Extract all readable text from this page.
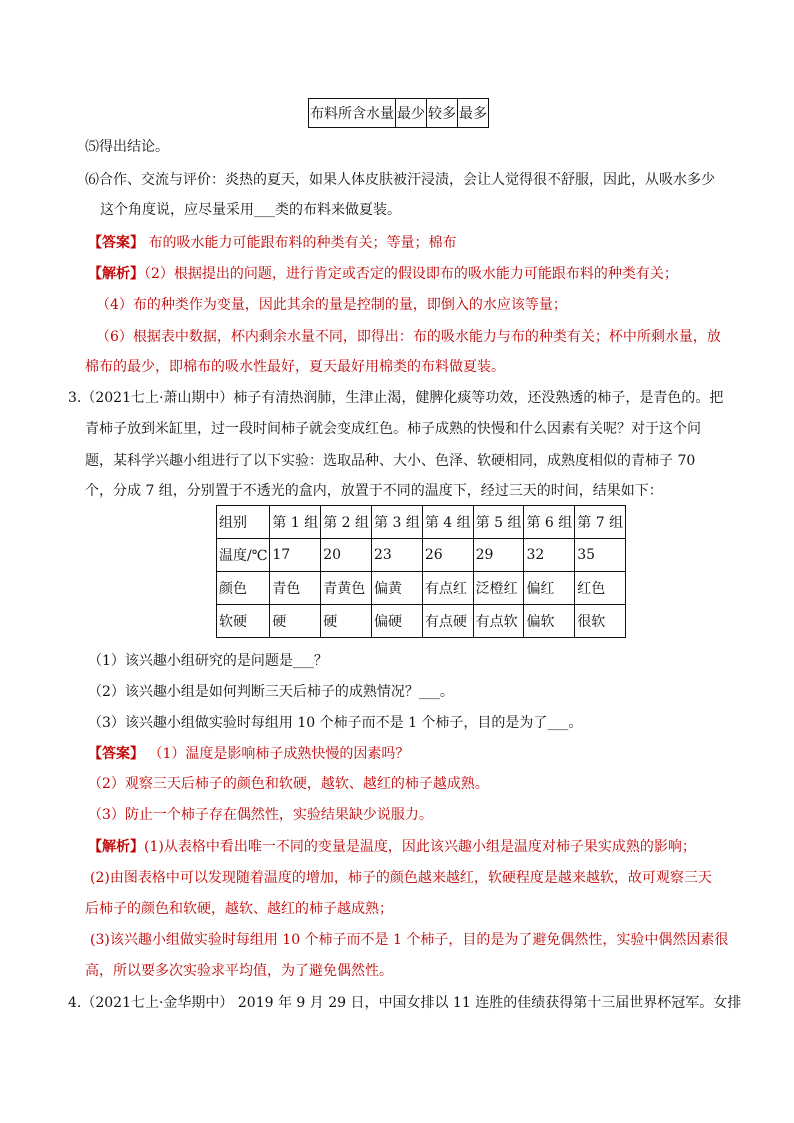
布料所含水量	最少	较多	最多
⑸得出结论。
⑹合作、交流与评价：炎热的夏天，如果人体皮肤被汗浸渍，会让人觉得很不舒服，因此，从吸水多少
这个角度说，应尽量采用___类的布料来做夏装。
【答案】 布的吸水能力可能跟布料的种类有关；等量；棉布
【解析】（2）根据提出的问题，进行肯定或否定的假设即布的吸水能力可能跟布料的种类有关；
（4）布的种类作为变量，因此其余的量是控制的量，即倒入的水应该等量；
（6）根据表中数据，杯内剩余水量不同，即得出：布的吸水能力与布的种类有关；杯中所剩水量，放
棉布的最少，即棉布的吸水性最好，夏天最好用棉类的布料做夏装。
3.（2021七上·萧山期中）柿子有清热润肺，生津止渴，健脾化痰等功效，还没熟透的柿子，是青色的。把
青柿子放到米缸里，过一段时间柿子就会变成红色。柿子成熟的快慢和什么因素有关呢？对于这个问
题，某科学兴趣小组进行了以下实验：选取品种、大小、色泽、软硬相同，成熟度相似的青柿子 70
个，分成 7 组，分别置于不透光的盒内，放置于不同的温度下，经过三天的时间，结果如下：
组别	第 1 组	第 2 组	第 3 组	第 4 组	第 5 组	第 6 组	第 7 组
温度/℃	17	20	23	26	29	32	35
颜色	青色	青黄色	偏黄	有点红	泛橙红	偏红	红色
软硬	硬	硬	偏硬	有点硬	有点软	偏软	很软
（1）该兴趣小组研究的是问题是___？
（2）该兴趣小组是如何判断三天后柿子的成熟情况？___。
（3）该兴趣小组做实验时每组用 10 个柿子而不是 1 个柿子，目的是为了___。
【答案】 （1）温度是影响柿子成熟快慢的因素吗？
（2）观察三天后柿子的颜色和软硬，越软、越红的柿子越成熟。
（3）防止一个柿子存在偶然性，实验结果缺少说服力。
【解析】(1)从表格中看出唯一不同的变量是温度，因此该兴趣小组是温度对柿子果实成熟的影响；
(2)由图表格中可以发现随着温度的增加，柿子的颜色越来越红，软硬程度是越来越软，故可观察三天
后柿子的颜色和软硬，越软、越红的柿子越成熟；
(3)该兴趣小组做实验时每组用 10 个柿子而不是 1 个柿子，目的是为了避免偶然性，实验中偶然因素很
高，所以要多次实验求平均值，为了避免偶然性。
4.（2021七上·金华期中） 2019 年 9 月 29 日，中国女排以 11 连胜的佳绩获得第十三届世界杯冠军。女排
